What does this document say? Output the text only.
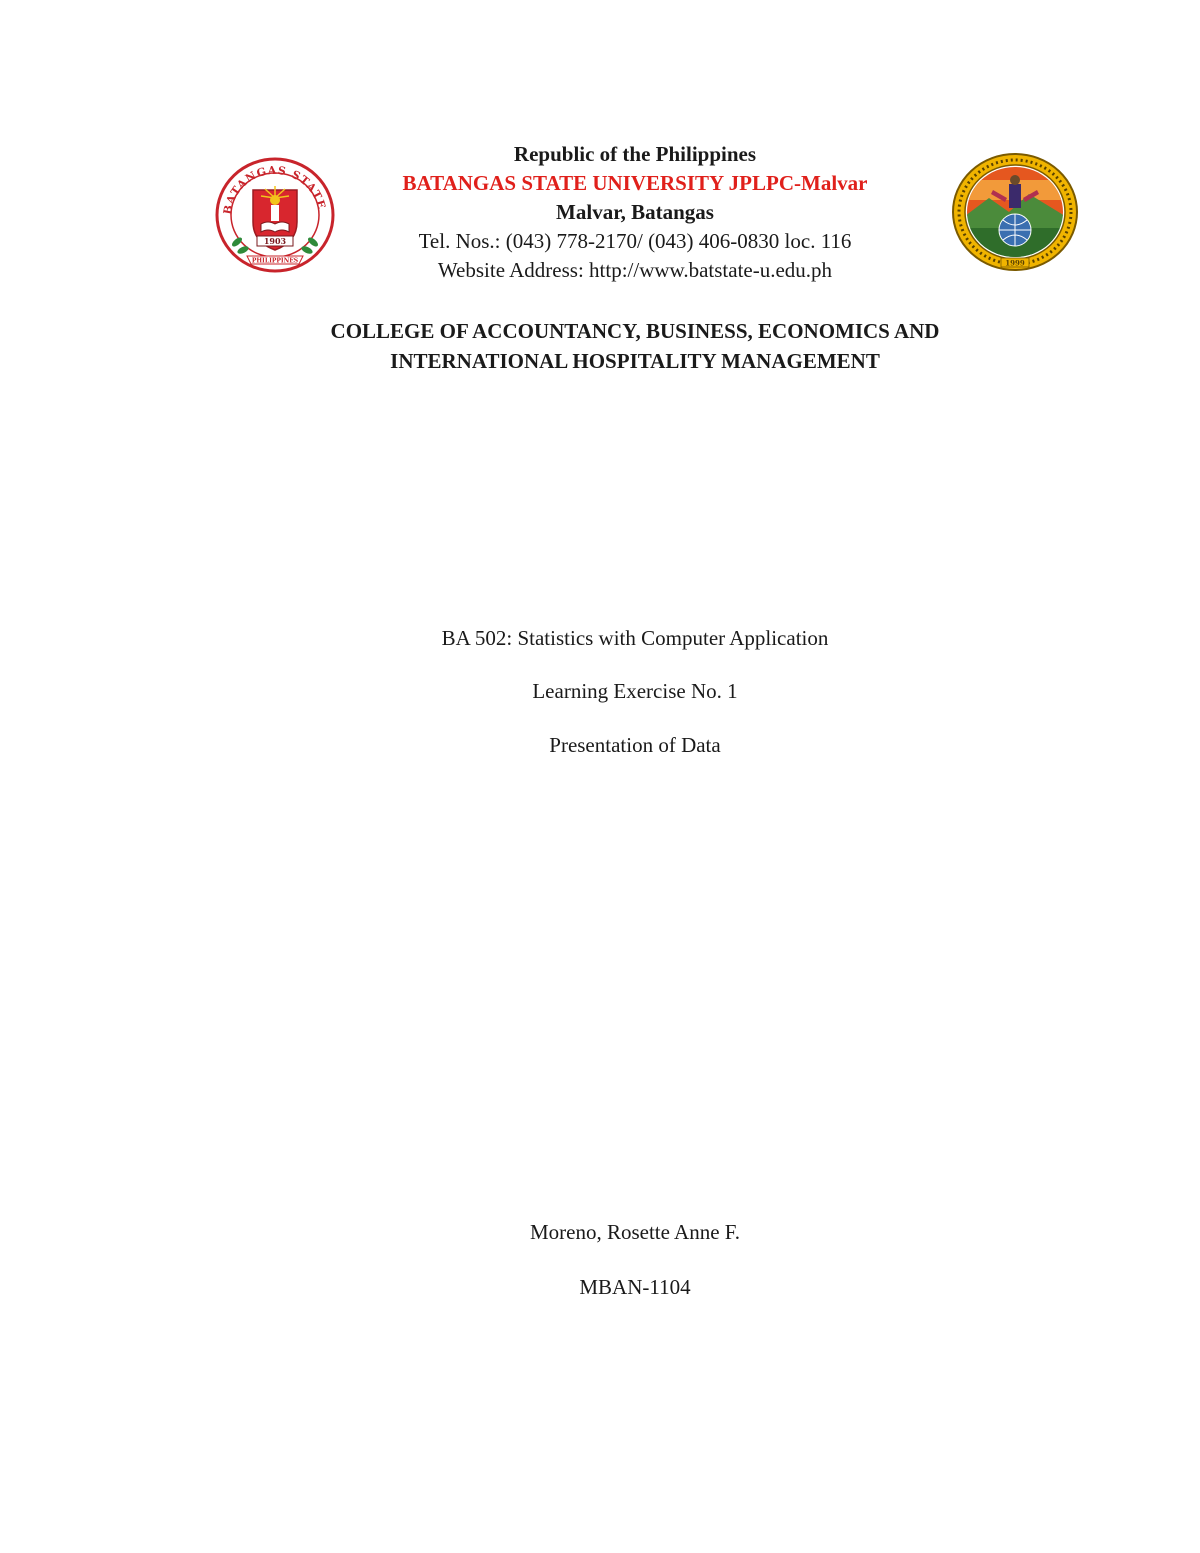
BATANGAS STATE
1903
PHILIPPINES	1999
Republic of the Philippines
BATANGAS STATE UNIVERSITY JPLPC-Malvar
Malvar, Batangas
Tel. Nos.: (043) 778-2170/ (043) 406-0830 loc. 116
Website Address: http://www.batstate-u.edu.ph
COLLEGE OF ACCOUNTANCY, BUSINESS, ECONOMICS AND
INTERNATIONAL HOSPITALITY MANAGEMENT
BA 502: Statistics with Computer Application
Learning Exercise No. 1
Presentation of Data
Moreno, Rosette Anne F.
MBAN-1104
